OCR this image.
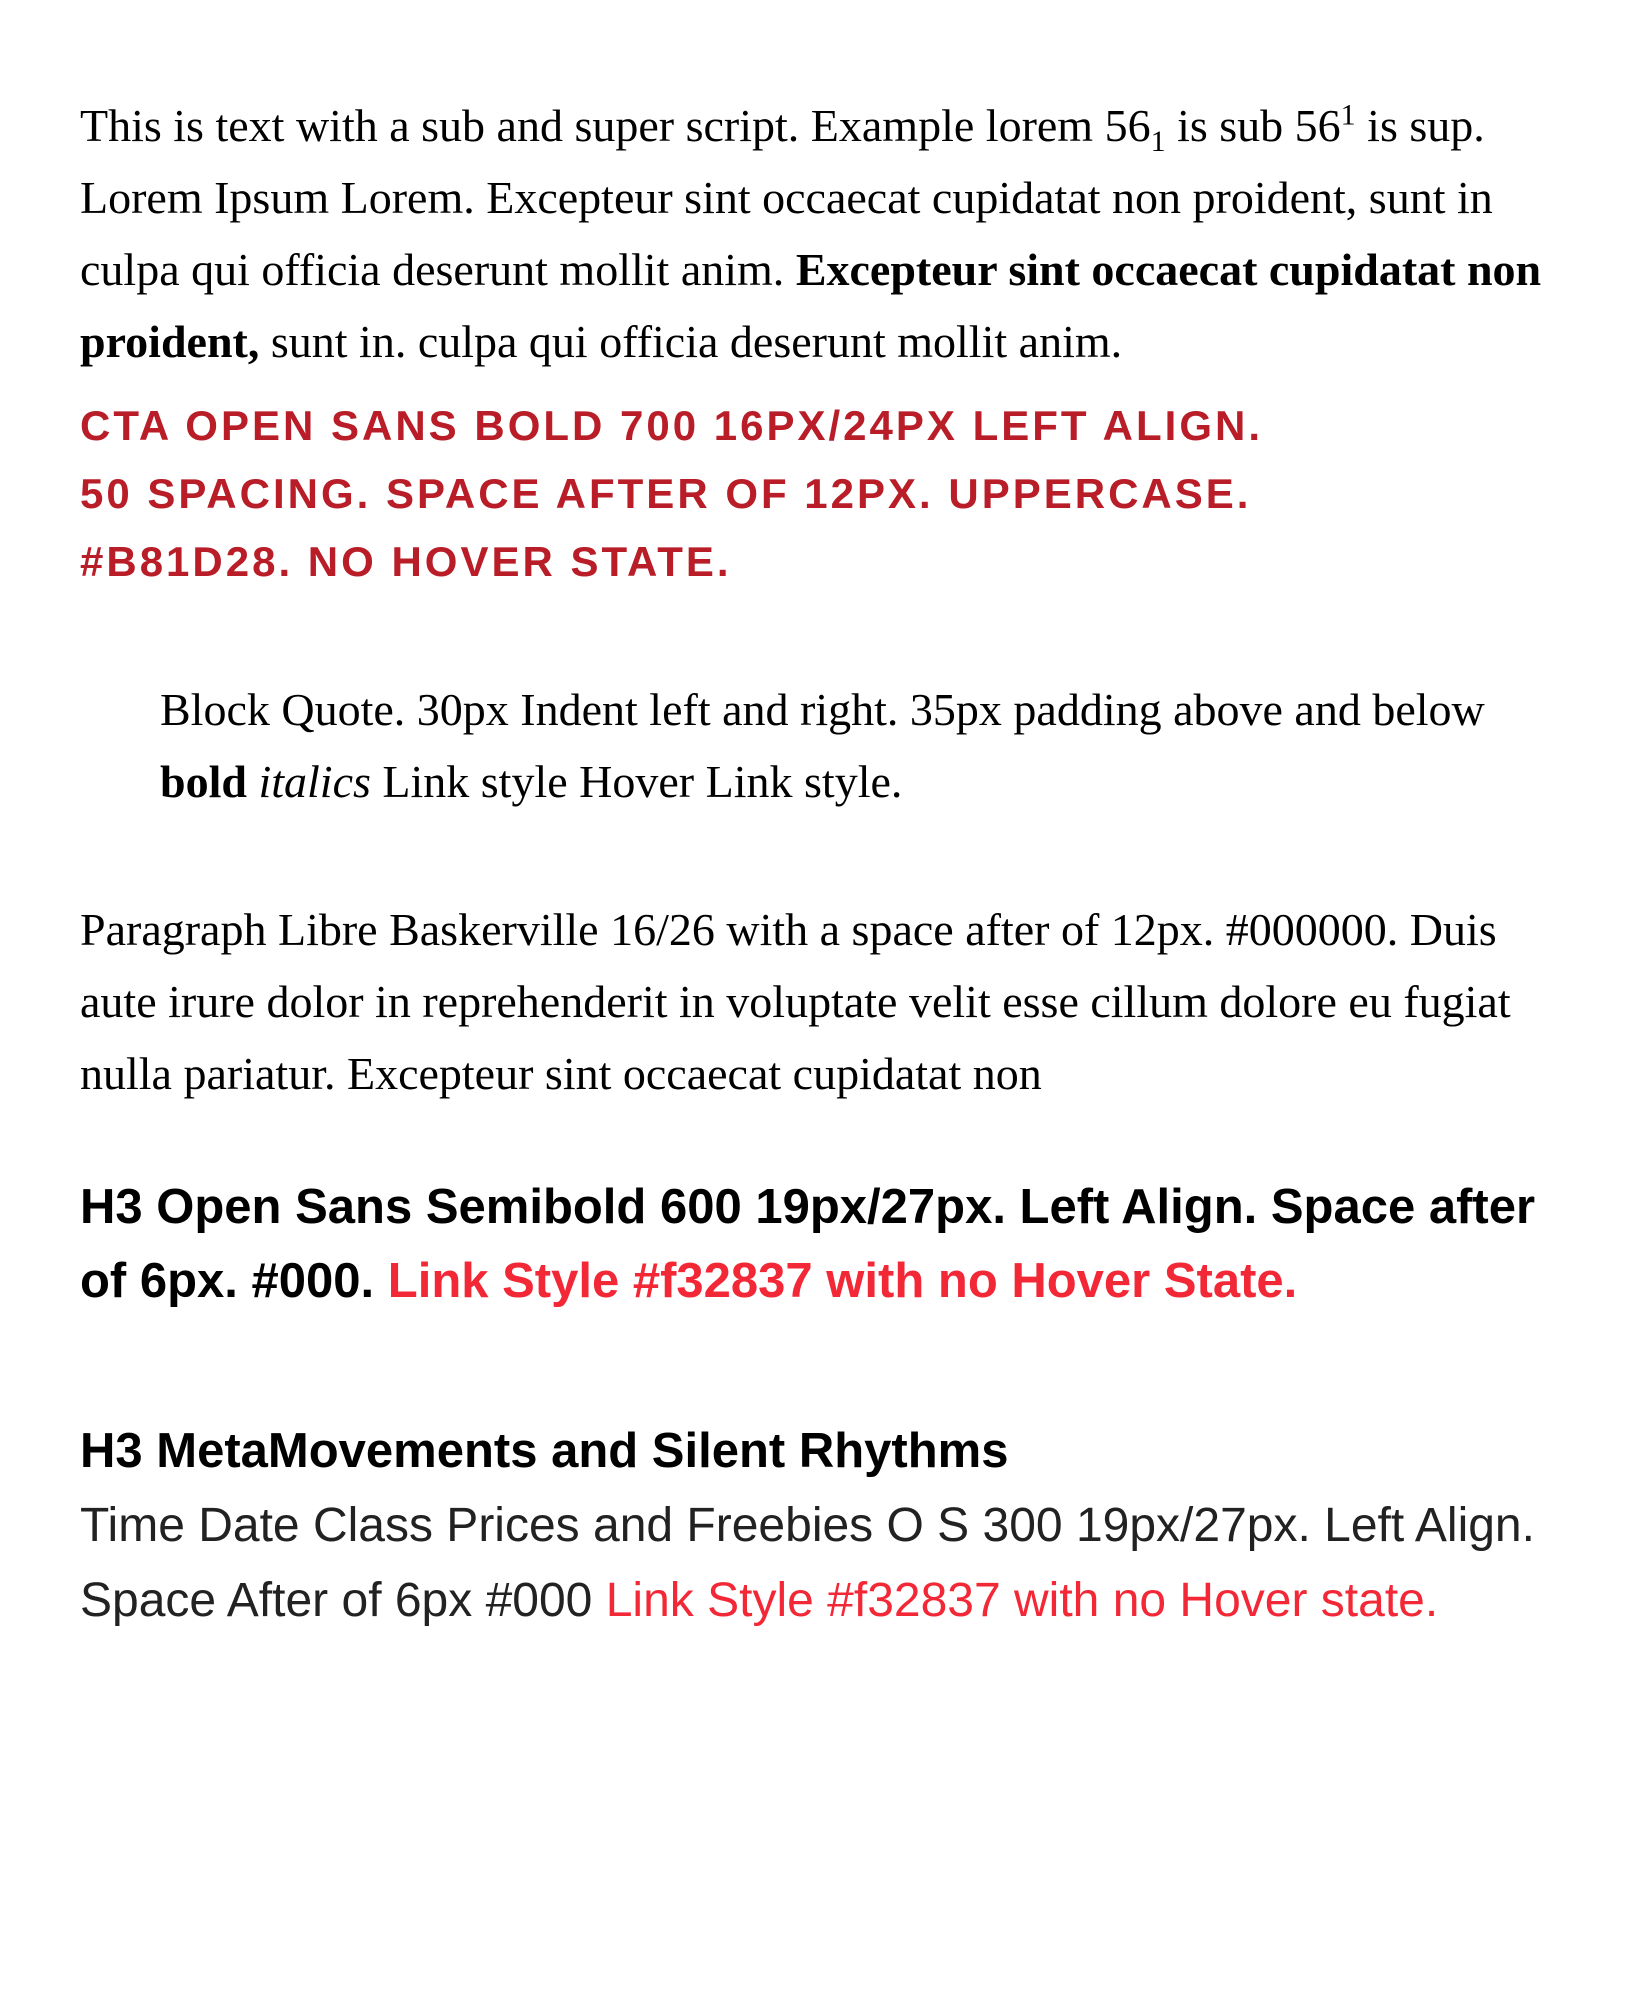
This is text with a sub and super script. Example lorem $56_1$ is sub $56^1$ is sup. Lorem Ipsum Lorem. Excepteur sint occaecat cupidatat non proident, sunt in culpa qui officia deserunt mollit anim. Excepteur sint occaecat cupidatat non proident, sunt in. culpa qui officia deserunt mollit anim.

CTA OPEN SANS BOLD 700 16PX/24PX LEFT ALIGN.
50 SPACING. SPACE AFTER OF 12PX. UPPERCASE.
#B81D28. NO HOVER STATE.
Block Quote. 30px Indent left and right. 35px padding above and below bold italics Link style Hover Link style.

Paragraph Libre Baskerville 16/26 with a space after of 12px. #000000. Duis aute irure dolor in reprehenderit in voluptate velit esse cillum dolore eu fugiat nulla pariatur. Excepteur sint occaecat cupidatat non

H3 Open Sans Semibold 600 19px/27px. Left Align. Space after of 6px. #000. Link Style #f32837 with no Hover State.
H3 MetaMovements and Silent Rhythms

Time Date Class Prices and Freebies O S 300 19px/27px. Left Align. Space After of 6px #000 Link Style #f32837 with no Hover state.
